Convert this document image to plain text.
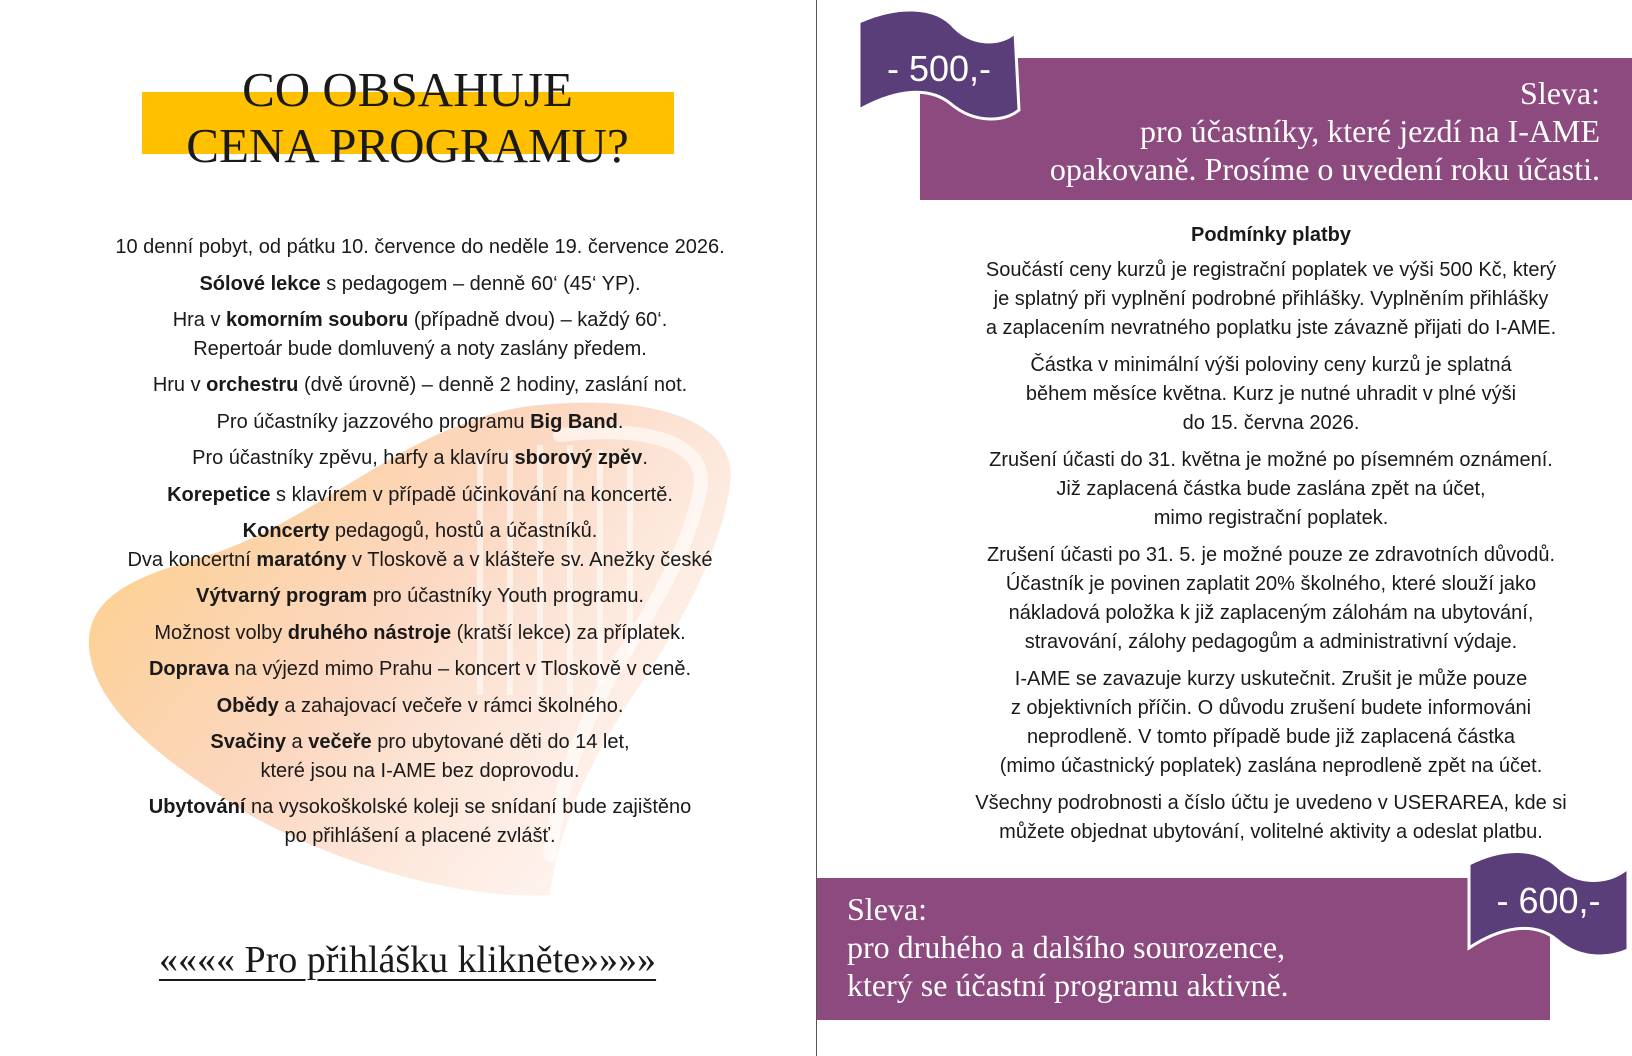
CO OBSAHUJE
CENA PROGRAMU?
10 denní pobyt, od pátku 10. července do neděle 19. července 2026.
Sólové lekce s pedagogem – denně 60‘ (45‘ YP).
Hra v komorním souboru (případně dvou) – každý 60‘.
Repertoár bude domluvený a noty zaslány předem.
Hru v orchestru (dvě úrovně) – denně 2 hodiny, zaslání not.
Pro účastníky jazzového programu Big Band.
Pro účastníky zpěvu, harfy a klavíru sborový zpěv.
Korepetice s klavírem v případě účinkování na koncertě.
Koncerty pedagogů, hostů a účastníků.
Dva koncertní maratóny v Tloskově a v klášteře sv. Anežky české
Výtvarný program pro účastníky Youth programu.
Možnost volby druhého nástroje (kratší lekce) za příplatek.
Doprava na výjezd mimo Prahu – koncert v Tloskově v ceně.
Obědy a zahajovací večeře v rámci školného.
Svačiny a večeře pro ubytované děti do 14 let,
které jsou na I-AME bez doprovodu.
Ubytování na vysokoškolské koleji se snídaní bude zajištěno
po přihlášení a placené zvlášť.
«««« Pro přihlášku klikněte»»»»
Sleva:
pro účastníky, které jezdí na I-AME
opakovaně. Prosíme o uvedení roku účasti.
- 500,-
Podmínky platby
Součástí ceny kurzů je registrační poplatek ve výši 500 Kč, který
je splatný při vyplnění podrobné přihlášky. Vyplněním přihlášky
a zaplacením nevratného poplatku jste závazně přijati do I-AME.
Částka v minimální výši poloviny ceny kurzů je splatná
během měsíce května. Kurz je nutné uhradit v plné výši
do 15. června 2026.
Zrušení účasti do 31. května je možné po písemném oznámení.
Již zaplacená částka bude zaslána zpět na účet,
mimo registrační poplatek.
Zrušení účasti po 31. 5. je možné pouze ze zdravotních důvodů.
Účastník je povinen zaplatit 20% školného, které slouží jako
nákladová položka k již zaplaceným zálohám na ubytování,
stravování, zálohy pedagogům a administrativní výdaje.
I-AME se zavazuje kurzy uskutečnit. Zrušit je může pouze
z objektivních příčin. O důvodu zrušení budete informováni
neprodleně. V tomto případě bude již zaplacená částka
(mimo účastnický poplatek) zaslána neprodleně zpět na účet.
Všechny podrobnosti a číslo účtu je uvedeno v USERAREA, kde si
můžete objednat ubytování, volitelné aktivity a odeslat platbu.
Sleva:
pro druhého a dalšího sourozence,
který se účastní programu aktivně.
- 600,-
